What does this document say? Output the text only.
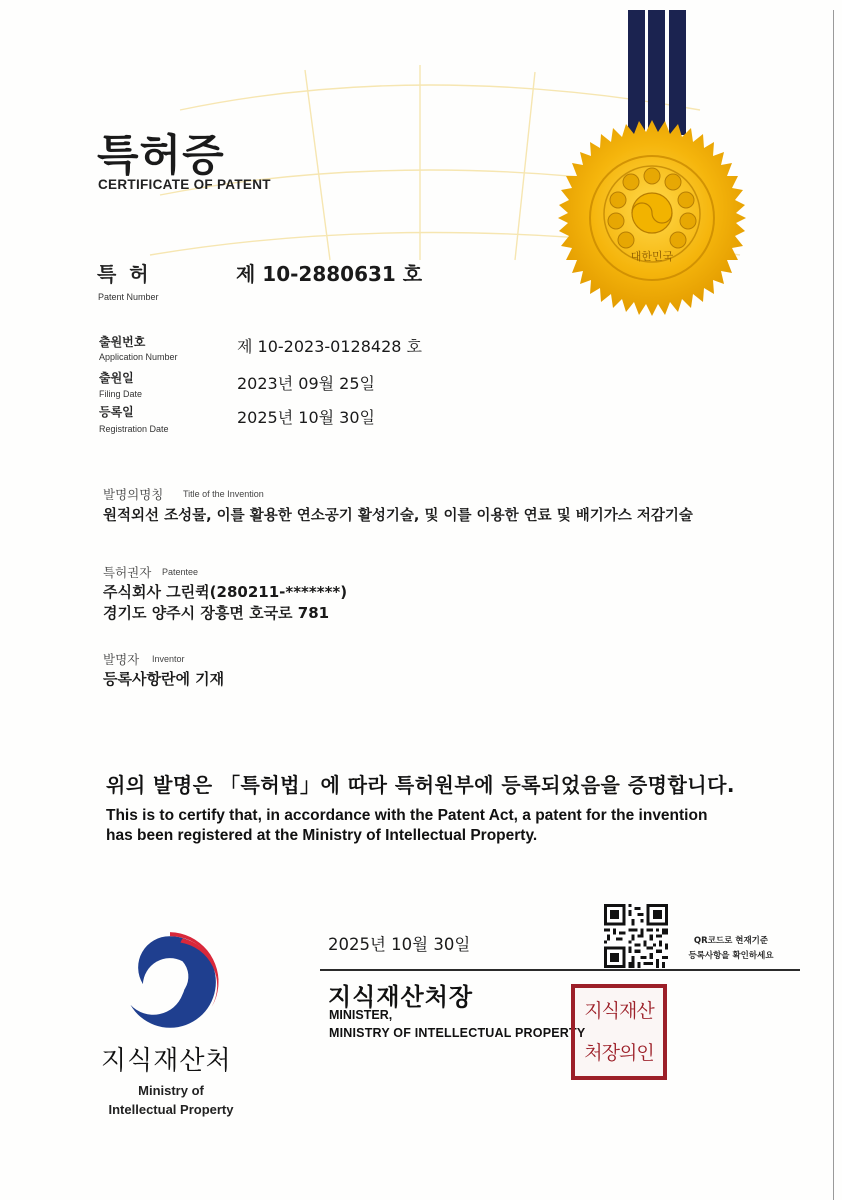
대한민국
특허증
CERTIFICATE OF PATENT
특 허
Patent Number
제 10-2880631 호
출원번호
Application Number
제 10-2023-0128428 호
출원일
Filing Date
2023년 09월 25일
등록일
Registration Date
2025년 10월 30일
발명의명칭 Title of the Invention
원적외선 조성물, 이를 활용한 연소공기 활성기술, 및 이를 이용한 연료 및 배기가스 저감기술
특허권자 Patentee
주식회사 그린퀵(280211-*******)
경기도 양주시 장흥면 호국로 781
발명자 Inventor
등록사항란에 기재
위의 발명은 「특허법」에 따라 특허원부에 등록되었음을 증명합니다.
This is to certify that, in accordance with the Patent Act, a patent for the invention
has been registered at the Ministry of Intellectual Property.
2025년 10월 30일	QR코드로 현재기준
등록사항을 확인하세요
지식재산처장
MINISTER,
MINISTRY OF INTELLECTUAL PROPERTY
지식재산처장의인
지식재산처
Ministry of
Intellectual Property
